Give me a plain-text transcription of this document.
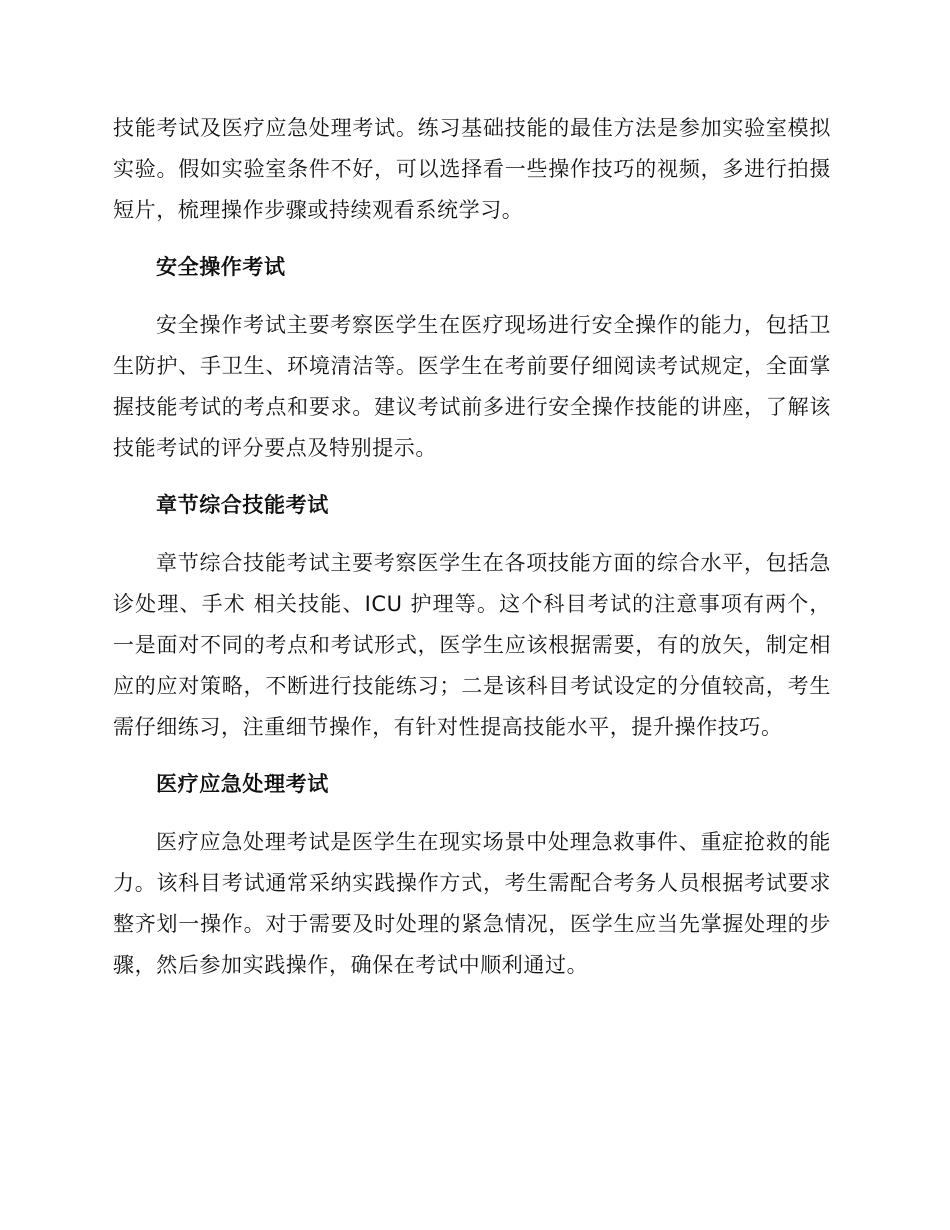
技能考试及医疗应急处理考试。练习基础技能的最佳方法是参加实验室模拟实验。假如实验室条件不好，可以选择看一些操作技巧的视频，多进行拍摄短片，梳理操作步骤或持续观看系统学习。

安全操作考试

安全操作考试主要考察医学生在医疗现场进行安全操作的能力，包括卫生防护、手卫生、环境清洁等。医学生在考前要仔细阅读考试规定，全面掌握技能考试的考点和要求。建议考试前多进行安全操作技能的讲座，了解该技能考试的评分要点及特别提示。

章节综合技能考试

章节综合技能考试主要考察医学生在各项技能方面的综合水平，包括急诊处理、手术 相关技能、ICU 护理等。这个科目考试的注意事项有两个，一是面对不同的考点和考试形式，医学生应该根据需要，有的放矢，制定相应的应对策略，不断进行技能练习；二是该科目考试设定的分值较高，考生需仔细练习，注重细节操作，有针对性提高技能水平，提升操作技巧。

医疗应急处理考试

医疗应急处理考试是医学生在现实场景中处理急救事件、重症抢救的能力。该科目考试通常采纳实践操作方式，考生需配合考务人员根据考试要求整齐划一操作。对于需要及时处理的紧急情况，医学生应当先掌握处理的步骤，然后参加实践操作，确保在考试中顺利通过。
